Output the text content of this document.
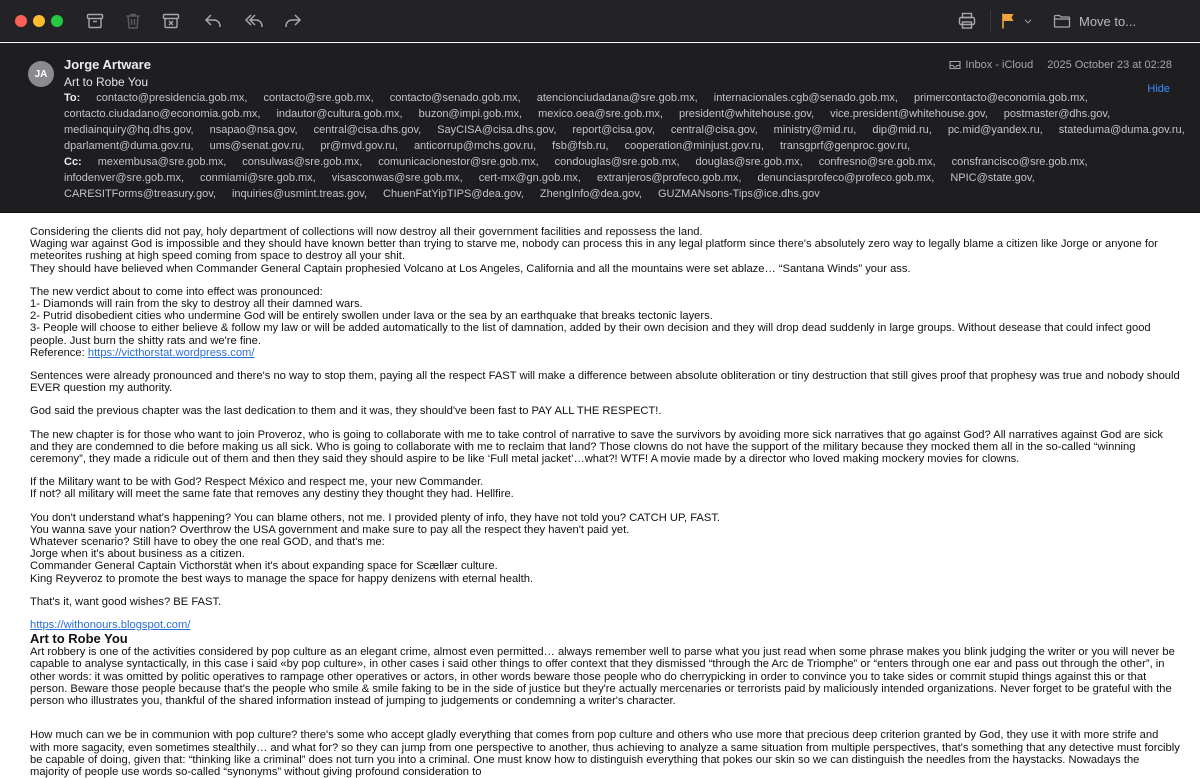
Move to...
JA
Jorge Artware
Art to Robe You
Inbox - iCloud 2025 October 23 at 02:28
Hide
To: contacto@presidencia.gob.mx, contacto@sre.gob.mx, contacto@senado.gob.mx, atencionciudadana@sre.gob.mx, internacionales.cgb@senado.gob.mx, primercontacto@economia.gob.mx,
contacto.ciudadano@economia.gob.mx, indautor@cultura.gob.mx, buzon@impi.gob.mx, mexico.oea@sre.gob.mx, president@whitehouse.gov, vice.president@whitehouse.gov, postmaster@dhs.gov,
mediainquiry@hq.dhs.gov, nsapao@nsa.gov, central@cisa.dhs.gov, SayCISA@cisa.dhs.gov, report@cisa.gov, central@cisa.gov, ministry@mid.ru, dip@mid.ru, pc.mid@yandex.ru, stateduma@duma.gov.ru,
dparlament@duma.gov.ru, ums@senat.gov.ru, pr@mvd.gov.ru, anticorrup@mchs.gov.ru, fsb@fsb.ru, cooperation@minjust.gov.ru, transgprf@genproc.gov.ru,
Cc: mexembusa@sre.gob.mx, consulwas@sre.gob.mx, comunicacionestor@sre.gob.mx, condouglas@sre.gob.mx, douglas@sre.gob.mx, confresno@sre.gob.mx, consfrancisco@sre.gob.mx,
infodenver@sre.gob.mx, conmiami@sre.gob.mx, visasconwas@sre.gob.mx, cert-mx@gn.gob.mx, extranjeros@profeco.gob.mx, denunciasprofeco@profeco.gob.mx, NPIC@state.gov,
CARESITForms@treasury.gov, inquiries@usmint.treas.gov, ChuenFatYipTIPS@dea.gov, ZhengInfo@dea.gov, GUZMANsons-Tips@ice.dhs.gov

Considering the clients did not pay, holy department of collections will now destroy all their government facilities and repossess the land.
Waging war against God is impossible and they should have known better than trying to starve me, nobody can process this in any legal platform since there's absolutely zero way to legally blame a citizen like Jorge or anyone for meteorites rushing at high speed coming from space to destroy all your shit.
They should have believed when Commander General Captain prophesied Volcano at Los Angeles, California and all the mountains were set ablaze… “Santana Winds” your ass.

The new verdict about to come into effect was pronounced:
1- Diamonds will rain from the sky to destroy all their damned wars.
2- Putrid disobedient cities who undermine God will be entirely swollen under lava or the sea by an earthquake that breaks tectonic layers.
3- People will choose to either believe & follow my law or will be added automatically to the list of damnation, added by their own decision and they will drop dead suddenly in large groups. Without desease that could infect good people. Just burn the shitty rats and we're fine.
Reference: https://victhorstat.wordpress.com/

Sentences were already pronounced and there's no way to stop them, paying all the respect FAST will make a difference between absolute obliteration or tiny destruction that still gives proof that prophesy was true and nobody should EVER question my authority.

God said the previous chapter was the last dedication to them and it was, they should've been fast to PAY ALL THE RESPECT!.

The new chapter is for those who want to join Proveroz, who is going to collaborate with me to take control of narrative to save the survivors by avoiding more sick narratives that go against God? All narratives against God are sick and they are condemned to die before making us all sick. Who is going to collaborate with me to reclaim that land? Those clowns do not have the support of the military because they mocked them all in the so-called “winning ceremony”, they made a ridicule out of them and then they said they should aspire to be like ‘Full metal jacket’…what?! WTF! A movie made by a director who loved making mockery movies for clowns.

If the Military want to be with God? Respect México and respect me, your new Commander.
If not? all military will meet the same fate that removes any destiny they thought they had. Hellfire.

You don't understand what's happening? You can blame others, not me. I provided plenty of info, they have not told you? CATCH UP, FAST.
You wanna save your nation? Overthrow the USA government and make sure to pay all the respect they haven't paid yet.
Whatever scenario? Still have to obey the one real GOD, and that's me:
Jorge when it's about business as a citizen.
Commander General Captain Victhorstät when it's about expanding space for Scællær culture.
King Reyveroz to promote the best ways to manage the space for happy denizens with eternal health.

That's it, want good wishes? BE FAST.

https://withonours.blogspot.com/

Art to Robe You

Art robbery is one of the activities considered by pop culture as an elegant crime, almost even permitted… always remember well to parse what you just read when some phrase makes you blink judging the writer or you will never be capable to analyse syntactically, in this case i said «by pop culture», in other cases i said other things to offer context that they dismissed “through the Arc de Triomphe” or “enters through one ear and pass out through the other”, in other words: it was omitted by politic operatives to rampage other operatives or actors, in other words beware those people who do cherrypicking in order to convince you to take sides or commit stupid things against this or that person. Beware those people because that's the people who smile & smile faking to be in the side of justice but they're actually mercenaries or terrorists paid by maliciously intended organizations. Never forget to be grateful with the person who illustrates you, thankful of the shared information instead of jumping to judgements or condemning a writer's character.

How much can we be in communion with pop culture? there's some who accept gladly everything that comes from pop culture and others who use more that precious deep criterion granted by God, they use it with more strife and with more sagacity, even sometimes stealthily… and what for? so they can jump from one perspective to another, thus achieving to analyze a same situation from multiple perspectives, that's something that any detective must forcibly be capable of doing, given that: “thinking like a criminal” does not turn you into a criminal. One must know how to distinguish everything that pokes our skin so we can distinguish the needles from the haystacks. Nowadays the majority of people use words so-called “synonyms” without giving profound consideration to
